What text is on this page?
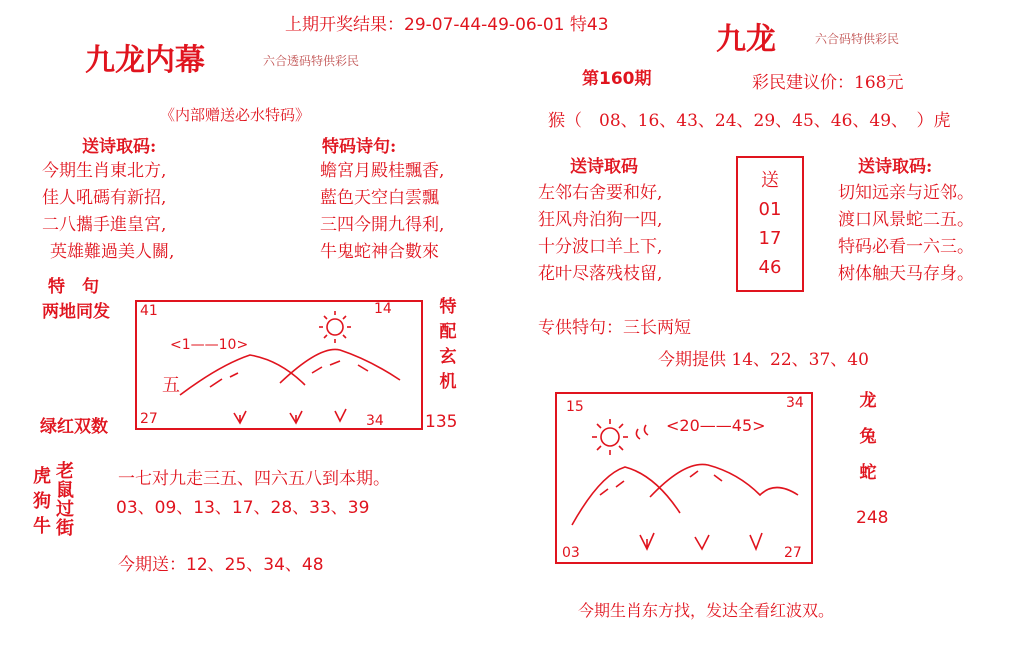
上期开奖结果：29-07-44-49-06-01 特43
九龙内幕	六合透码特供彩民
《内部赠送必水特码》
送诗取码:
今期生肖東北方,
佳人吼碼有新招,
二八攜手進皇宮,
英雄難過美人關,
特码诗句:
蟾宮月殿桂飄香,
藍色天空白雲飄
三四今開九得利,
牛鬼蛇神合數來
特　句
两地同发	特
配
玄
机
41	14
27	34
<1——10>
五
绿红双数	135
虎
狗
牛
老
鼠
过
街
一七对九走三五、四六五八到本期。
03、09、13、17、28、33、39
今期送：12、25、34、48
九龙	六合码特供彩民
第160期	彩民建议价：168元
猴（　08、16、43、24、29、45、46、49、　）虎
送诗取码
左邻右舍要和好,
狂风舟泊狗一四,
十分波口羊上下,
花叶尽落残枝留,
送
01
17
46
送诗取码:
切知远亲与近邻。
渡口风景蛇二五。
特码必看一六三。
树体触天马存身。
专供特句：三长两短
今期提供 14、22、37、40
龙
兔
蛇
248
15	34
03	27
<20——45>
今期生肖东方找，发达全看红波双。
